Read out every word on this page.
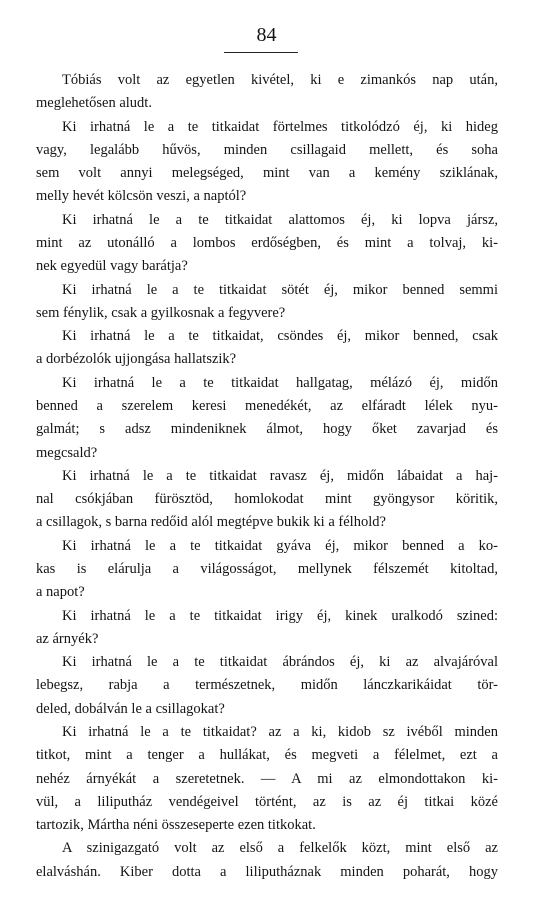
84
Tóbiás volt az egyetlen kivétel, ki e zimankós nap után,
meglehetősen aludt.
Ki irhatná le a te titkaidat förtelmes titkolódzó éj, ki hideg
vagy, legalább hűvös, minden csillagaid mellett, és soha
sem volt annyi melegséged, mint van a kemény sziklának,
melly hevét kölcsön veszi, a naptól?
Ki irhatná le a te titkaidat alattomos éj, ki lopva jársz,
mint az utonálló a lombos erdőségben, és mint a tolvaj, ki-
nek egyedül vagy barátja?
Ki irhatná le a te titkaidat sötét éj, mikor benned semmi
sem fénylik, csak a gyilkosnak a fegyvere?
Ki irhatná le a te titkaidat, csöndes éj, mikor benned, csak
a dorbézolók ujjongása hallatszik?
Ki irhatná le a te titkaidat hallgatag, mélázó éj, midőn
benned a szerelem keresi menedékét, az elfáradt lélek nyu-
galmát; s adsz mindeniknek álmot, hogy őket zavarjad és
megcsald?
Ki irhatná le a te titkaidat ravasz éj, midőn lábaidat a haj-
nal csókjában fürösztöd, homlokodat mint gyöngysor köritik,
a csillagok, s barna redőid alól megtépve bukik ki a félhold?
Ki irhatná le a te titkaidat gyáva éj, mikor benned a ko-
kas is elárulja a világosságot, mellynek félszemét kitoltad,
a napot?
Ki irhatná le a te titkaidat irigy éj, kinek uralkodó szined:
az árnyék?
Ki irhatná le a te titkaidat ábrándos éj, ki az alvajáróval
lebegsz, rabja a természetnek, midőn lánczkarikáidat tör-
deled, dobálván le a csillagokat?
Ki irhatná le a te titkaidat? az a ki, kidob sz ivéből minden
titkot, mint a tenger a hullákat, és megveti a félelmet, ezt a
nehéz árnyékát a szeretetnek. — A mi az elmondottakon ki-
vül, a liliputház vendégeivel történt, az is az éj titkai közé
tartozik, Mártha néni összeseperte ezen titkokat.
A szinigazgató volt az első a felkelők közt, mint első az
elalváshán. Kiber dotta a liliputháznak minden poharát, hogy
